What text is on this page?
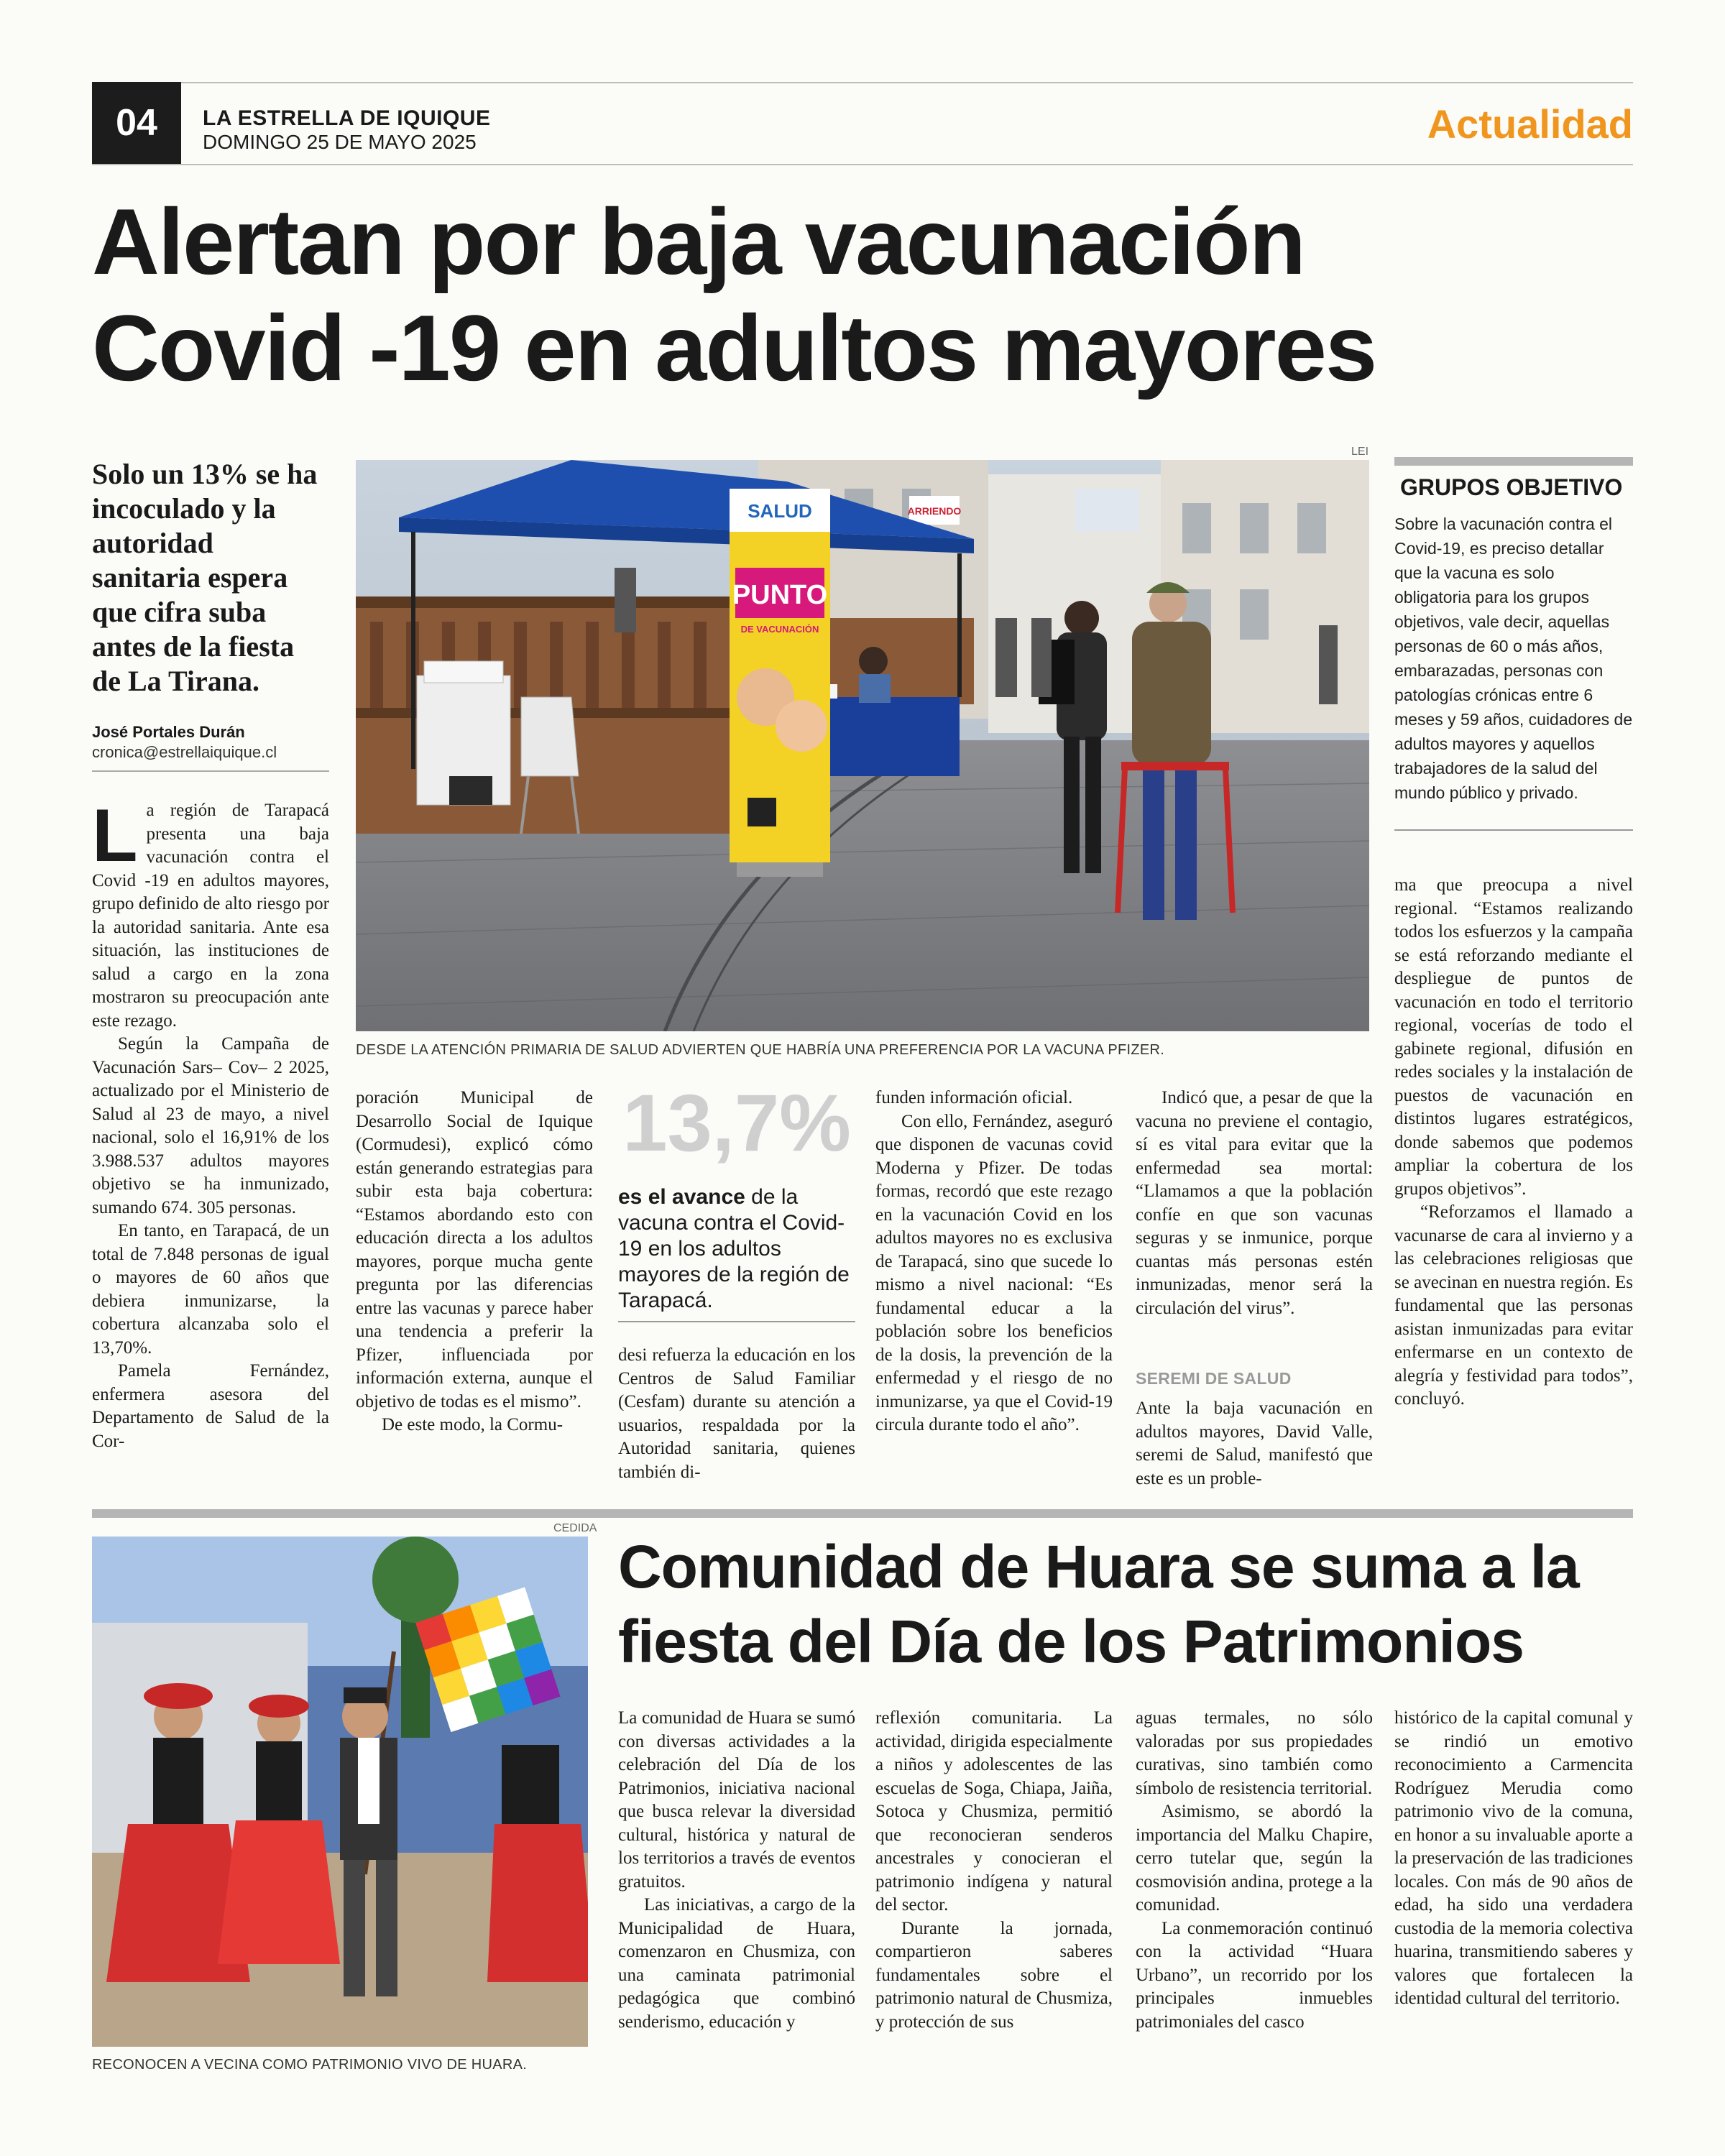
04	LA ESTRELLA DE IQUIQUE
DOMINGO 25 DE MAYO 2025	Actualidad
Alertan por baja vacunación
Covid -19 en adultos mayores
Solo un 13% se ha incoculado y la autoridad sanitaria espera que cifra suba antes de la fiesta de La Tirana.
José Portales Durán
cronica@estrellaiquique.cl
LEI
ARRIENDO
SALUD
PUNTO
DE VACUNACIÓN
DESDE LA ATENCIÓN PRIMARIA DE SALUD ADVIERTEN QUE HABRÍA UNA PREFERENCIA POR LA VACUNA PFIZER.
GRUPOS OBJETIVO
Sobre la vacunación contra el Covid-19, es preciso detallar que la vacuna es solo obligatoria para los grupos objetivos, vale decir, aquellas personas de 60 o más años, embarazadas, personas con patologías crónicas entre 6 meses y 59 años, cuidadores de adultos mayores y aquellos trabajadores de la salud del mundo público y privado.
L a región de Tarapacá presenta una baja vacunación contra el Covid -19 en adultos mayores, grupo definido de alto riesgo por la autoridad sanitaria. Ante esa situación, las instituciones de salud a cargo en la zona mostraron su preocupación ante este rezago.

Según la Campaña de Vacunación Sars– Cov– 2 2025, actualizado por el Ministerio de Salud al 23 de mayo, a nivel nacional, solo el 16,91% de los 3.988.537 adultos mayores objetivo se ha inmunizado, sumando 674. 305 personas.

En tanto, en Tarapacá, de un total de 7.848 personas de igual o mayores de 60 años que debiera inmunizarse, la cobertura alcanzaba solo el 13,70%.

Pamela Fernández, enfermera asesora del Departamento de Salud de la Cor-

poración Municipal de Desarrollo Social de Iquique (Cormudesi), explicó cómo están generando estrategias para subir esta baja cobertura: “Estamos abordando esto con educación directa a los adultos mayores, porque mucha gente pregunta por las diferencias entre las vacunas y parece haber una tendencia a preferir la Pfizer, influenciada por información externa, aunque el objetivo de todas es el mismo”.

De este modo, la Cormu-

13,7%
es el avance de la vacuna contra el Covid-19 en los adultos mayores de la región de Tarapacá.

desi refuerza la educación en los Centros de Salud Familiar (Cesfam) durante su atención a usuarios, respaldada por la Autoridad sanitaria, quienes también di-

funden información oficial.

Con ello, Fernández, aseguró que disponen de vacunas covid Moderna y Pfizer. De todas formas, recordó que este rezago en la vacunación Covid en los adultos mayores no es exclusiva de Tarapacá, sino que sucede lo mismo a nivel nacional: “Es fundamental educar a la población sobre los beneficios de la dosis, la prevención de la enfermedad y el riesgo de no inmunizarse, ya que el Covid-19 circula durante todo el año”.

Indicó que, a pesar de que la vacuna no previene el contagio, sí es vital para evitar que la enfermedad sea mortal: “Llamamos a que la población confíe en que son vacunas seguras y se inmunice, porque cuantas más personas estén inmunizadas, menor será la circulación del virus”.

SEREMI DE SALUD

Ante la baja vacunación en adultos mayores, David Valle, seremi de Salud, manifestó que este es un proble-

ma que preocupa a nivel regional. “Estamos realizando todos los esfuerzos y la campaña se está reforzando mediante el despliegue de puntos de vacunación en todo el territorio regional, vocerías de todo el gabinete regional, difusión en redes sociales y la instalación de puestos de vacunación en distintos lugares estratégicos, donde sabemos que podemos ampliar la cobertura de los grupos objetivos”.

“Reforzamos el llamado a vacunarse de cara al invierno y a las celebraciones religiosas que se avecinan en nuestra región. Es fundamental que las personas asistan inmunizadas para evitar enfermarse en un contexto de alegría y festividad para todos”, concluyó.

CEDIDA
RECONOCEN A VECINA COMO PATRIMONIO VIVO DE HUARA.
Comunidad de Huara se suma a la
fiesta del Día de los Patrimonios

La comunidad de Huara se sumó con diversas actividades a la celebración del Día de los Patrimonios, iniciativa nacional que busca relevar la diversidad cultural, histórica y natural de los territorios a través de eventos gratuitos.

Las iniciativas, a cargo de la Municipalidad de Huara, comenzaron en Chusmiza, con una caminata patrimonial pedagógica que combinó senderismo, educación y

reflexión comunitaria. La actividad, dirigida especialmente a niños y adolescentes de las escuelas de Soga, Chiapa, Jaiña, Sotoca y Chusmiza, permitió que reconocieran senderos ancestrales y conocieran el patrimonio indígena y natural del sector.

Durante la jornada, compartieron saberes fundamentales sobre el patrimonio natural de Chusmiza, y protección de sus

aguas termales, no sólo valoradas por sus propiedades curativas, sino también como símbolo de resistencia territorial.

Asimismo, se abordó la importancia del Malku Chapire, cerro tutelar que, según la cosmovisión andina, protege a la comunidad.

La conmemoración continuó con la actividad “Huara Urbano”, un recorrido por los principales inmuebles patrimoniales del casco

histórico de la capital comunal y se rindió un emotivo reconocimiento a Carmencita Rodríguez Merudia como patrimonio vivo de la comuna, en honor a su invaluable aporte a la preservación de las tradiciones locales. Con más de 90 años de edad, ha sido una verdadera custodia de la memoria colectiva huarina, transmitiendo saberes y valores que fortalecen la identidad cultural del territorio.
